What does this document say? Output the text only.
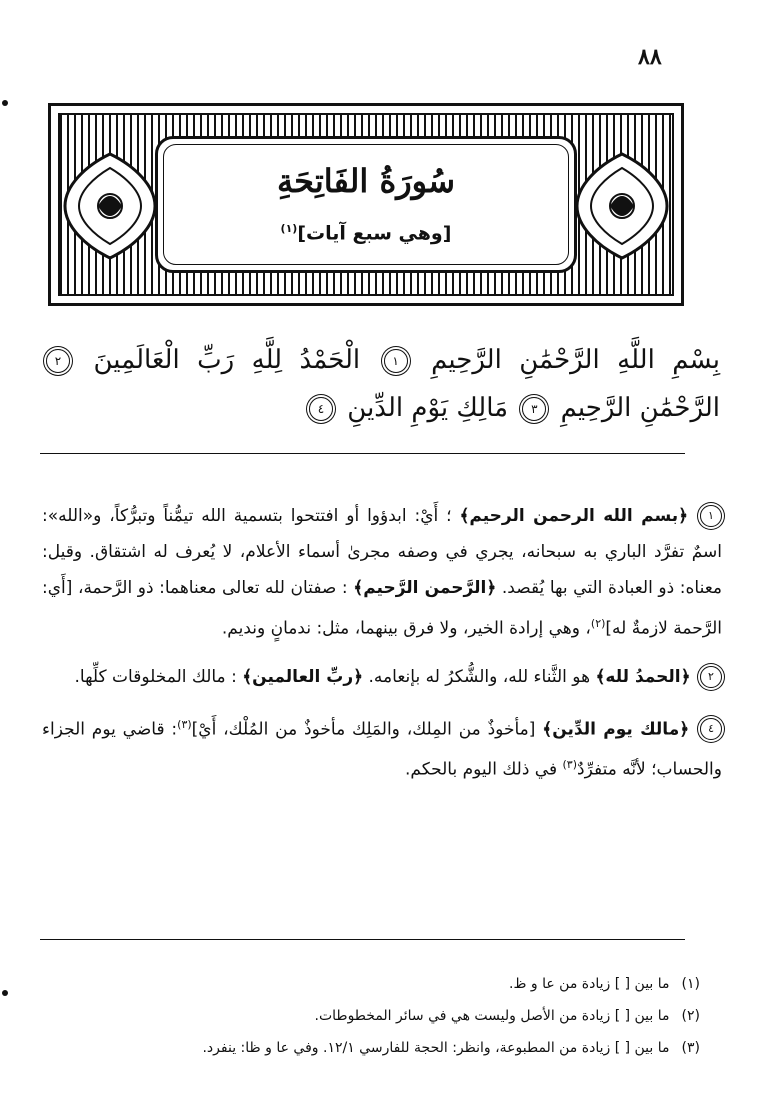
٨٨
سُورَةُ الفَاتِحَةِ
[وهي سبع آيات]$^{(١)}$
بِسْمِ اللَّهِ الرَّحْمَٰنِ الرَّحِيمِ ١ الْحَمْدُ لِلَّهِ رَبِّ الْعَالَمِينَ ٢ الرَّحْمَٰنِ الرَّحِيمِ ٣ مَالِكِ يَوْمِ الدِّينِ ٤

١ ﴿بسم الله الرحمن الرحيم﴾ ؛ أَيْ: ابدؤوا أو افتتحوا بتسمية الله تيمُّناً وتبرُّكاً، و«الله»: اسمٌ تفرَّد الباري به سبحانه، يجري في وصفه مجرىٰ أسماء الأعلام، لا يُعرف له اشتقاق. وقيل: معناه: ذو العبادة التي بها يُقصد. ﴿الرَّحمن الرَّحيم﴾ : صفتان لله تعالى معناهما: ذو الرَّحمة، [أَي: الرَّحمة لازمةٌ له]$^{(٢)}$، وهي إرادة الخير، ولا فرق بينهما، مثل: ندمانٍ ونديم.

٢ ﴿الحمدُ لله﴾ هو الثَّناء لله، والشُّكرُ له بإنعامه. ﴿ربِّ العالمين﴾ : مالك المخلوقات كلِّها.

٤ ﴿مالك يوم الدِّين﴾ [مأخوذٌ من المِلك، والمَلِك مأخوذٌ من المُلْك، أَيْ]$^{(٣)}$: قاضي يوم الجزاء والحساب؛ لأنَّه متفرِّدٌ$^{(٣)}$ في ذلك اليوم بالحكم.

(١)ما بين [ ] زيادة من عا و ظ.
(٢)ما بين [ ] زيادة من الأصل وليست هي في سائر المخطوطات.
(٣)ما بين [ ] زيادة من المطبوعة، وانظر: الحجة للفارسي ١٢/١. وفي عا و ظا: ينفرد.
